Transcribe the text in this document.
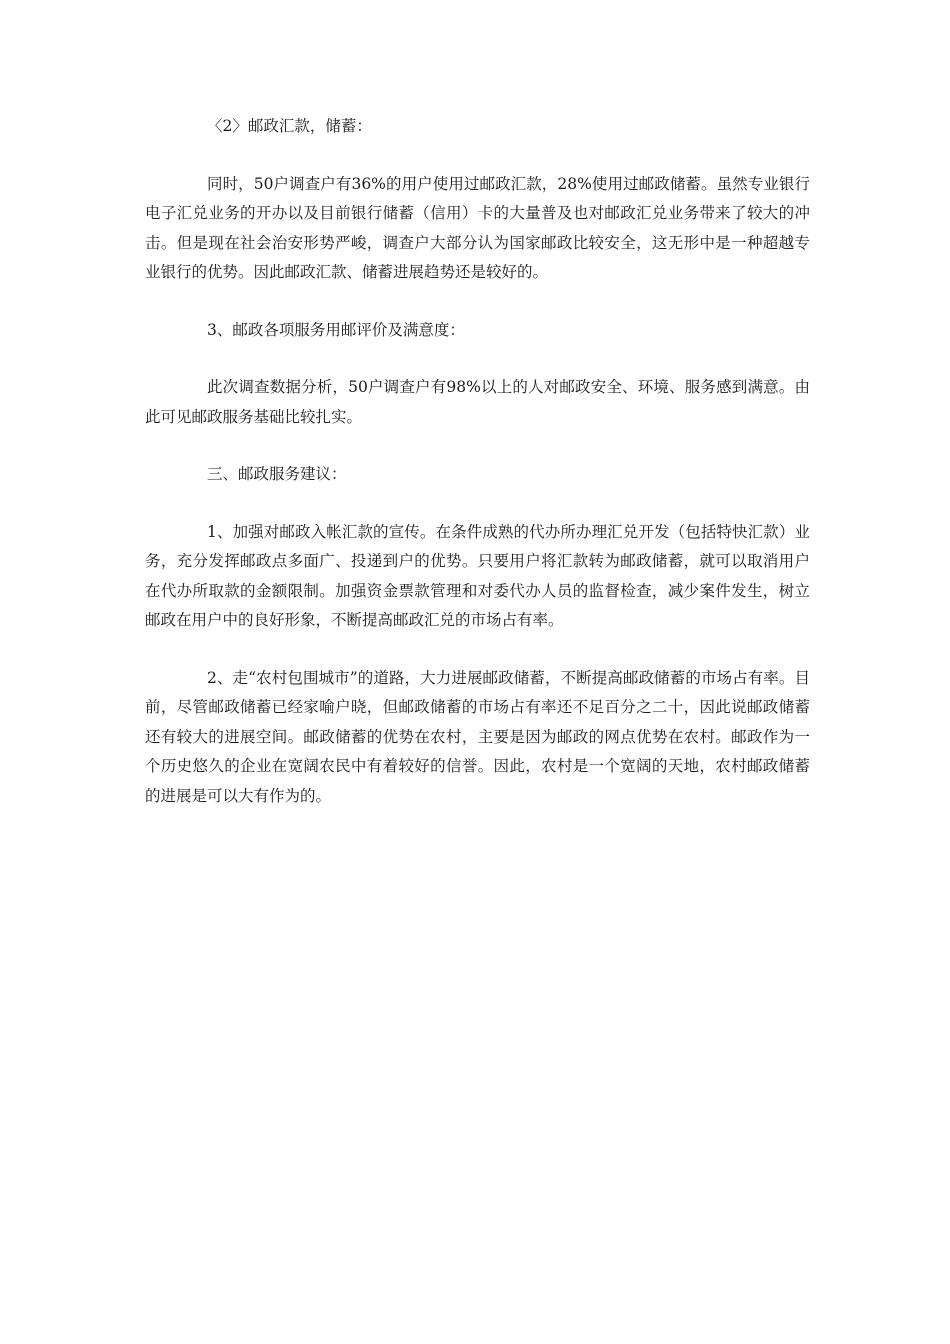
〈2〉邮政汇款，储蓄：

同时，50户调查户有36%的用户使用过邮政汇款，28%使用过邮政储蓄。虽然专业银行电子汇兑业务的开办以及目前银行储蓄（信用）卡的大量普及也对邮政汇兑业务带来了较大的冲击。但是现在社会治安形势严峻，调查户大部分认为国家邮政比较安全，这无形中是一种超越专业银行的优势。因此邮政汇款、储蓄进展趋势还是较好的。

3、邮政各项服务用邮评价及满意度：

此次调查数据分析，50户调查户有98%以上的人对邮政安全、环境、服务感到满意。由此可见邮政服务基础比较扎实。

三、邮政服务建议：

1、加强对邮政入帐汇款的宣传。在条件成熟的代办所办理汇兑开发（包括特快汇款）业务，充分发挥邮政点多面广、投递到户的优势。只要用户将汇款转为邮政储蓄，就可以取消用户在代办所取款的金额限制。加强资金票款管理和对委代办人员的监督检查，减少案件发生，树立邮政在用户中的良好形象，不断提高邮政汇兑的市场占有率。

2、走“农村包围城市”的道路，大力进展邮政储蓄，不断提高邮政储蓄的市场占有率。目前，尽管邮政储蓄已经家喻户晓，但邮政储蓄的市场占有率还不足百分之二十，因此说邮政储蓄还有较大的进展空间。邮政储蓄的优势在农村，主要是因为邮政的网点优势在农村。邮政作为一个历史悠久的企业在宽阔农民中有着较好的信誉。因此，农村是一个宽阔的天地，农村邮政储蓄的进展是可以大有作为的。
